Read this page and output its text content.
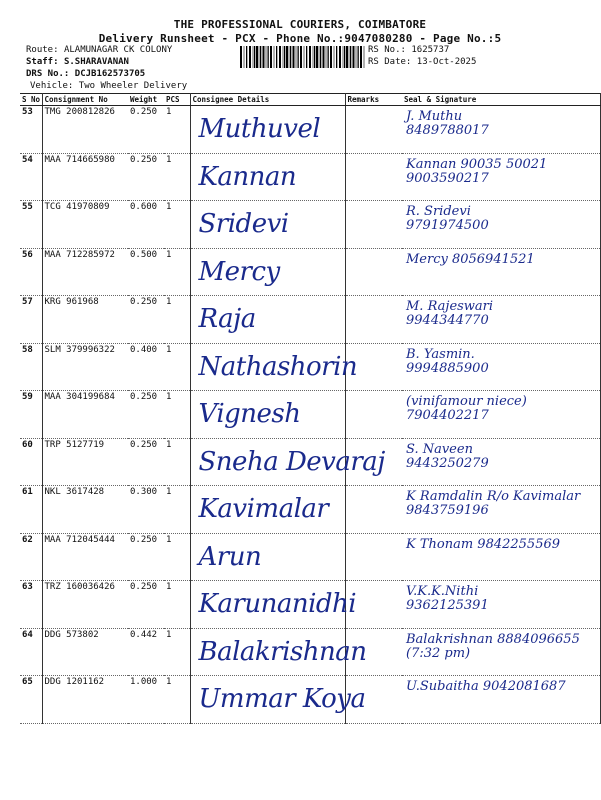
THE PROFESSIONAL COURIERS, COIMBATORE
Delivery Runsheet - PCX - Phone No.:9047080280 - Page No.:5
Route: ALAMUNAGAR CK COLONY
Staff: S.SHARAVANAN
DRS No.: DCJB162573705
Vehicle: Two Wheeler Delivery
RS No.: 1625737
RS Date: 13-Oct-2025
S No	Consignment No	Weight	PCS	Consignee Details	Remarks	Seal & Signature
53	TMG 200812826	0.250	1	Muthuvel		J. Muthu
8489788017

54	MAA 714665980	0.250	1	Kannan		Kannan 90035 50021
9003590217

55	TCG 41970809	0.600	1	Sridevi		R. Sridevi
9791974500

56	MAA 712285972	0.500	1	Mercy		Mercy 8056941521

57	KRG 961968	0.250	1	Raja		M. Rajeswari
9944344770

58	SLM 379996322	0.400	1	Nathashorin		B. Yasmin.
9994885900

59	MAA 304199684	0.250	1	Vignesh		(vinifamour niece)
7904402217

60	TRP 5127719	0.250	1	Sneha Devaraj		S. Naveen
9443250279

61	NKL 3617428	0.300	1	Kavimalar		K Ramdalin R/o Kavimalar
9843759196

62	MAA 712045444	0.250	1	Arun		K Thonam 9842255569

63	TRZ 160036426	0.250	1	Karunanidhi		V.K.K.Nithi
9362125391

64	DDG 573802	0.442	1	Balakrishnan		Balakrishnan 8884096655
(7:32 pm)

65	DDG 1201162	1.000	1	Ummar Koya		U.Subaitha 9042081687
